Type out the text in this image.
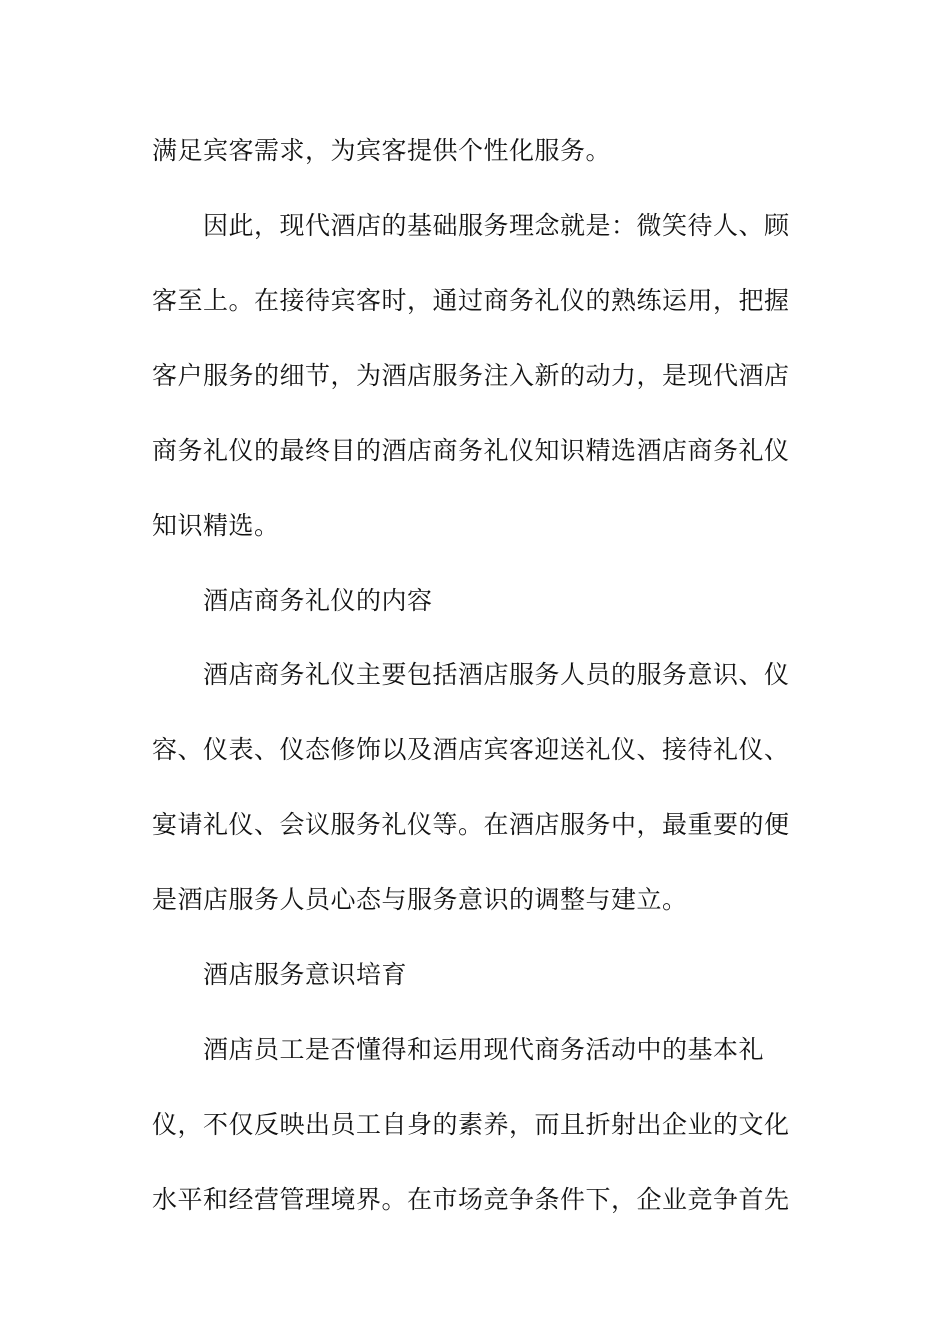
满足宾客需求，为宾客提供个性化服务。
因此，现代酒店的基础服务理念就是：微笑待人、顾
客至上。在接待宾客时，通过商务礼仪的熟练运用，把握
客户服务的细节，为酒店服务注入新的动力，是现代酒店
商务礼仪的最终目的酒店商务礼仪知识精选酒店商务礼仪
知识精选。
酒店商务礼仪的内容
酒店商务礼仪主要包括酒店服务人员的服务意识、仪
容、仪表、仪态修饰以及酒店宾客迎送礼仪、接待礼仪、
宴请礼仪、会议服务礼仪等。在酒店服务中，最重要的便
是酒店服务人员心态与服务意识的调整与建立。
酒店服务意识培育
酒店员工是否懂得和运用现代商务活动中的基本礼
仪，不仅反映出员工自身的素养，而且折射出企业的文化
水平和经营管理境界。在市场竞争条件下，企业竞争首先
